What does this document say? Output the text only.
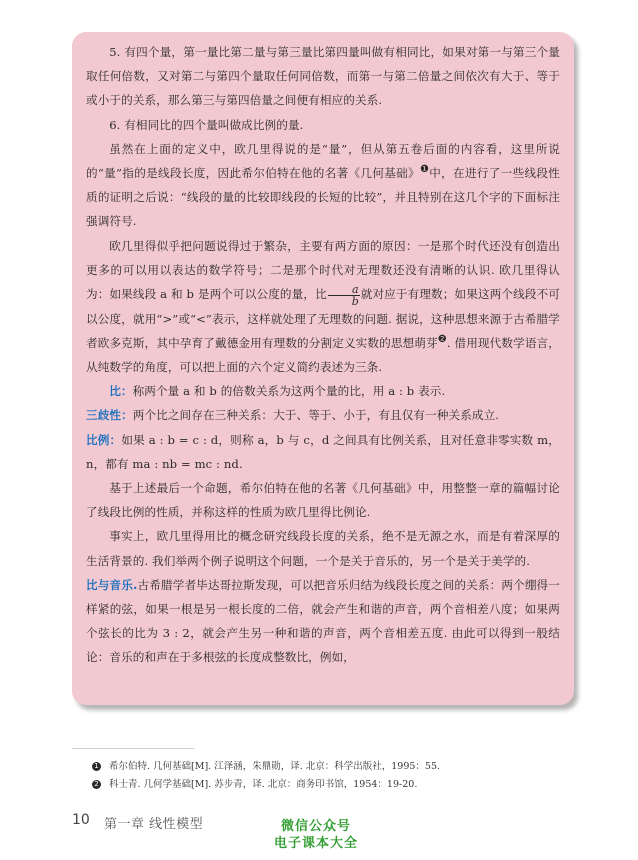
5. 有四个量，第一量比第二量与第三量比第四量叫做有相同比，如果对第一与第三个量取任何倍数，又对第二与第四个量取任何同倍数，而第一与第二倍量之间依次有大于、等于或小于的关系，那么第三与第四倍量之间便有相应的关系.

6. 有相同比的四个量叫做成比例的量.

虽然在上面的定义中，欧几里得说的是“量”，但从第五卷后面的内容看，这里所说的“量”指的是线段长度，因此希尔伯特在他的名著《几何基础》❶中，在进行了一些线段性质的证明之后说：“线段的量的比较即线段的长短的比较”，并且特别在这几个字的下面标注强调符号.

欧几里得似乎把问题说得过于繁杂，主要有两方面的原因：一是那个时代还没有创造出更多的可以用以表达的数学符号；二是那个时代对无理数还没有清晰的认识. 欧几里得认为：如果线段 a 和 b 是两个可以公度的量，比 $\frac{a}{b}$ 就对应于有理数；如果这两个线段不可以公度，就用“>”或“<”表示，这样就处理了无理数的问题. 据说，这种思想来源于古希腊学者欧多克斯，其中孕育了戴德金用有理数的分割定义实数的思想萌芽❷. 借用现代数学语言，从纯数学的角度，可以把上面的六个定义简约表述为三条.

比：称两个量 a 和 b 的倍数关系为这两个量的比，用 a : b 表示.

三歧性：两个比之间存在三种关系：大于、等于、小于，有且仅有一种关系成立.

比例：如果 a : b = c : d，则称 a，b 与 c，d 之间具有比例关系，且对任意非零实数 m，n，都有 ma : nb = mc : nd.

基于上述最后一个命题，希尔伯特在他的名著《几何基础》中，用整整一章的篇幅讨论了线段比例的性质，并称这样的性质为欧几里得比例论.

事实上，欧几里得用比的概念研究线段长度的关系，绝不是无源之水，而是有着深厚的生活背景的. 我们举两个例子说明这个问题，一个是关于音乐的，另一个是关于美学的.

比与音乐.古希腊学者毕达哥拉斯发现，可以把音乐归结为线段长度之间的关系：两个绷得一样紧的弦，如果一根是另一根长度的二倍，就会产生和谐的声音，两个音相差八度；如果两个弦长的比为 3 : 2，就会产生另一种和谐的声音，两个音相差五度. 由此可以得到一般结论：音乐的和声在于多根弦的长度成整数比，例如，

1 希尔伯特. 几何基础[M]. 江泽涵，朱鼎勋，译. 北京：科学出版社，1995：55.
2 科士青. 几何学基础[M]. 苏步青，译. 北京：商务印书馆，1954：19-20.
10 第一章 线性模型	微信公众号
电子课本大全
